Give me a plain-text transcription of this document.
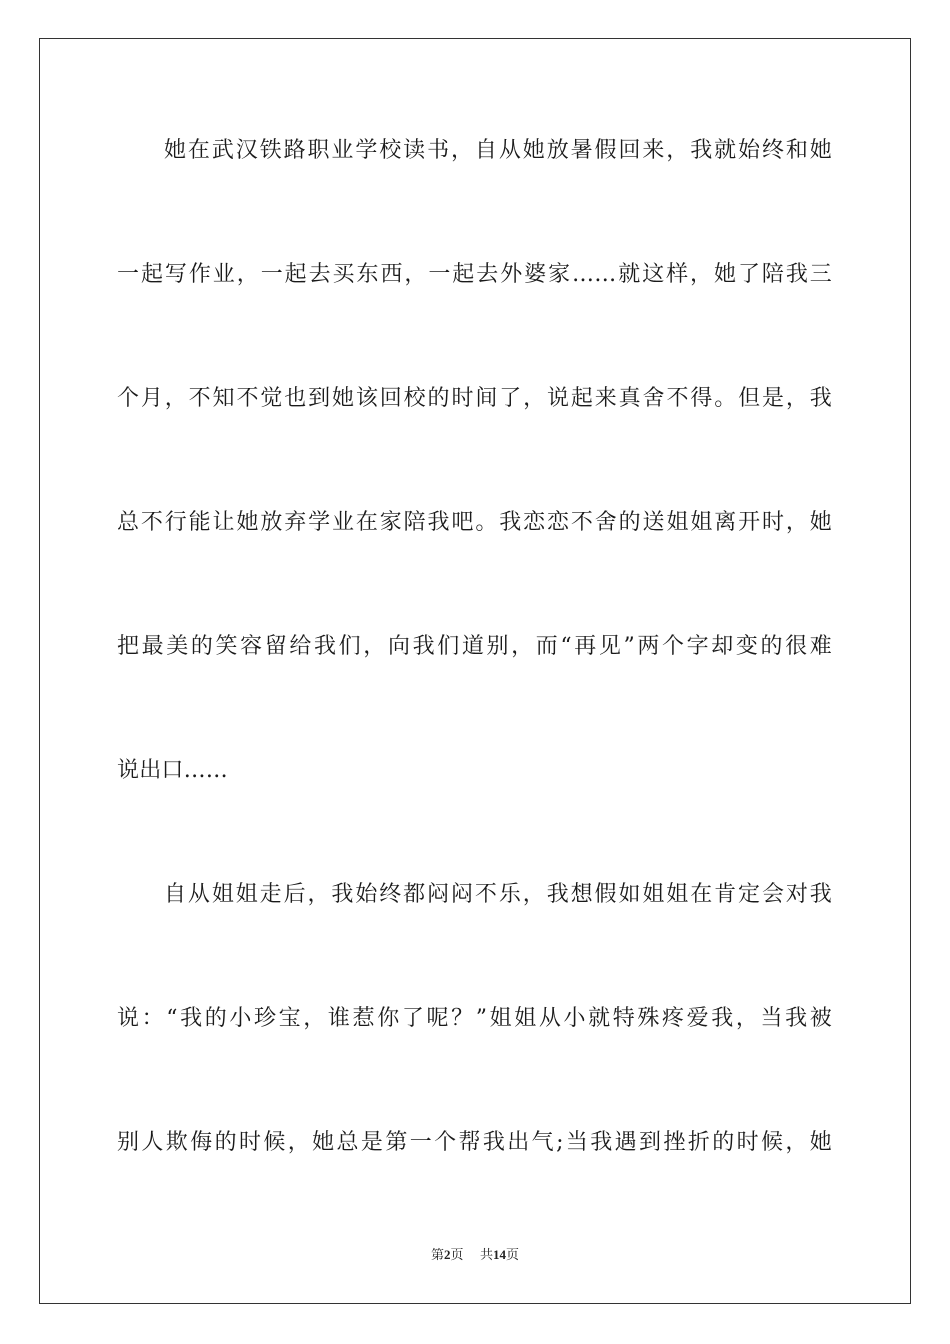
她在武汉铁路职业学校读书，自从她放暑假回来，我就始终和她
一起写作业，一起去买东西，一起去外婆家……就这样，她了陪我三
个月，不知不觉也到她该回校的时间了，说起来真舍不得。但是，我
总不行能让她放弃学业在家陪我吧。我恋恋不舍的送姐姐离开时，她
把最美的笑容留给我们，向我们道别，而“再见”两个字却变的很难
说出口……
自从姐姐走后，我始终都闷闷不乐，我想假如姐姐在肯定会对我
说：“我的小珍宝，谁惹你了呢？”姐姐从小就特殊疼爱我，当我被
别人欺侮的时候，她总是第一个帮我出气;当我遇到挫折的时候，她
第2页 共14页
